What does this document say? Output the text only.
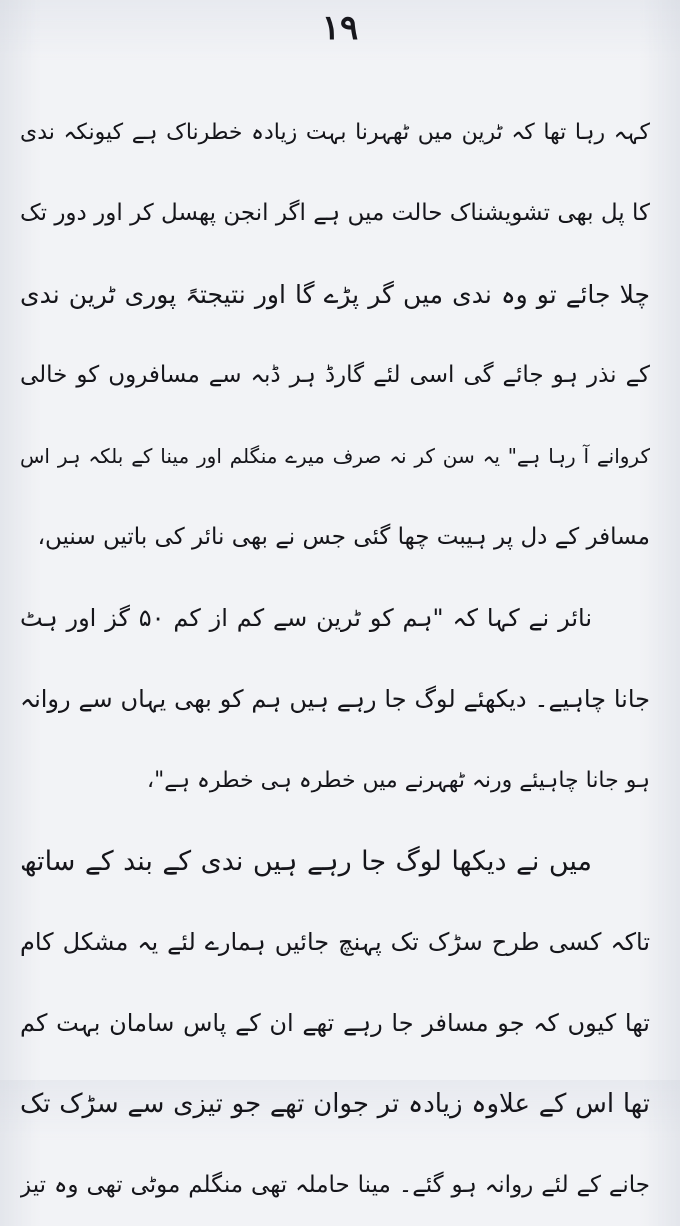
۱۹
کہہ رہا تھا کہ ٹرین میں ٹھہرنا بہت زیادہ خطرناک ہے کیونکہ ندی
کا پل بھی تشویشناک حالت میں ہے اگر انجن پھسل کر اور دور تک
چلا جائے تو وہ ندی میں گر پڑے گا اور نتیجتہً پوری ٹرین ندی
کے نذر ہو جائے گی اسی لئے گارڈ ہر ڈبہ سے مسافروں کو خالی
کروانے آ رہا ہے" یہ سن کر نہ صرف میرے منگلم اور مینا کے بلکہ ہر اس
مسافر کے دل پر ہیبت چھا گئی جس نے بھی نائر کی باتیں سنیں،
نائر نے کہا کہ "ہم کو ٹرین سے کم از کم ۵۰ گز اور ہٹ
جانا چاہیے۔ دیکھئے لوگ جا رہے ہیں ہم کو بھی یہاں سے روانہ
ہو جانا چاہیئے ورنہ ٹھہرنے میں خطرہ ہی خطرہ ہے"،
میں نے دیکھا لوگ جا رہے ہیں ندی کے بند کے ساتھ
تاکہ کسی طرح سڑک تک پہنچ جائیں ہمارے لئے یہ مشکل کام
تھا کیوں کہ جو مسافر جا رہے تھے ان کے پاس سامان بہت کم
تھا اس کے علاوہ زیادہ تر جوان تھے جو تیزی سے سڑک تک
جانے کے لئے روانہ ہو گئے۔ مینا حاملہ تھی منگلم موٹی تھی وہ تیز
